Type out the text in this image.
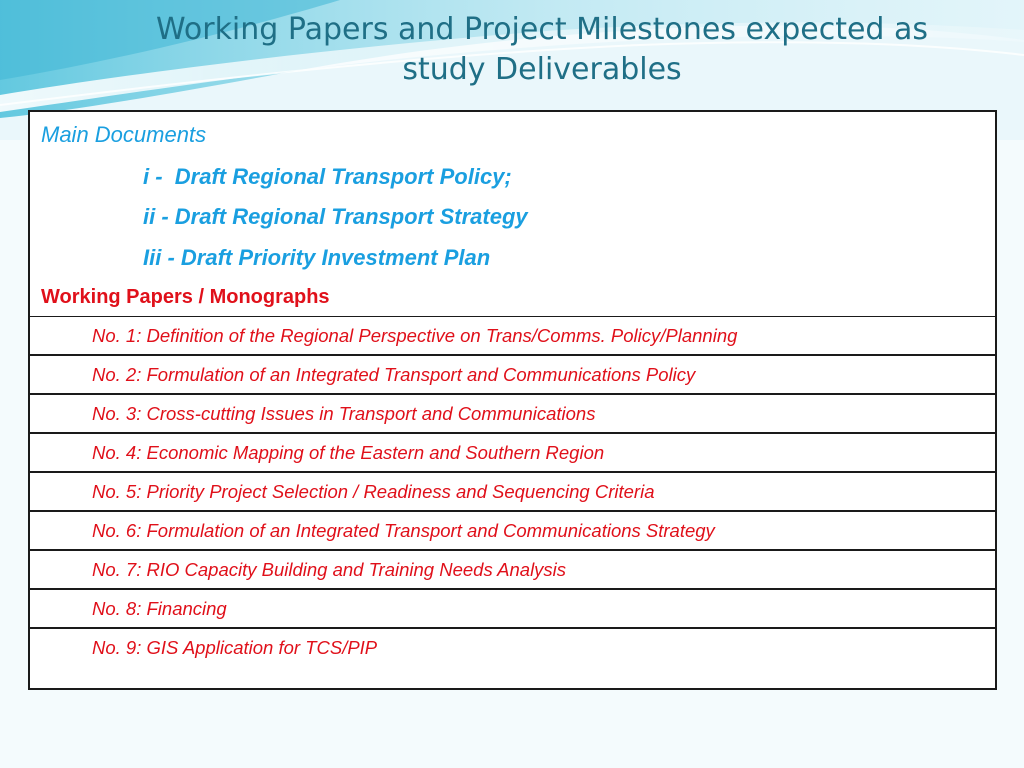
Working Papers and Project Milestones expected as
study Deliverables
Main Documents
i -  Draft Regional Transport Policy;
ii - Draft Regional Transport Strategy
Iii - Draft Priority Investment Plan
Working Papers / Monographs
No. 1: Definition of the Regional Perspective on Trans/Comms. Policy/Planning
No. 2: Formulation of an Integrated Transport and Communications Policy
No. 3: Cross-cutting Issues in Transport and Communications
No. 4: Economic Mapping of the Eastern and Southern Region
No. 5: Priority Project Selection / Readiness and Sequencing Criteria
No. 6: Formulation of an Integrated Transport and Communications Strategy
No. 7: RIO Capacity Building and Training Needs Analysis
No. 8: Financing
No. 9: GIS Application for TCS/PIP
